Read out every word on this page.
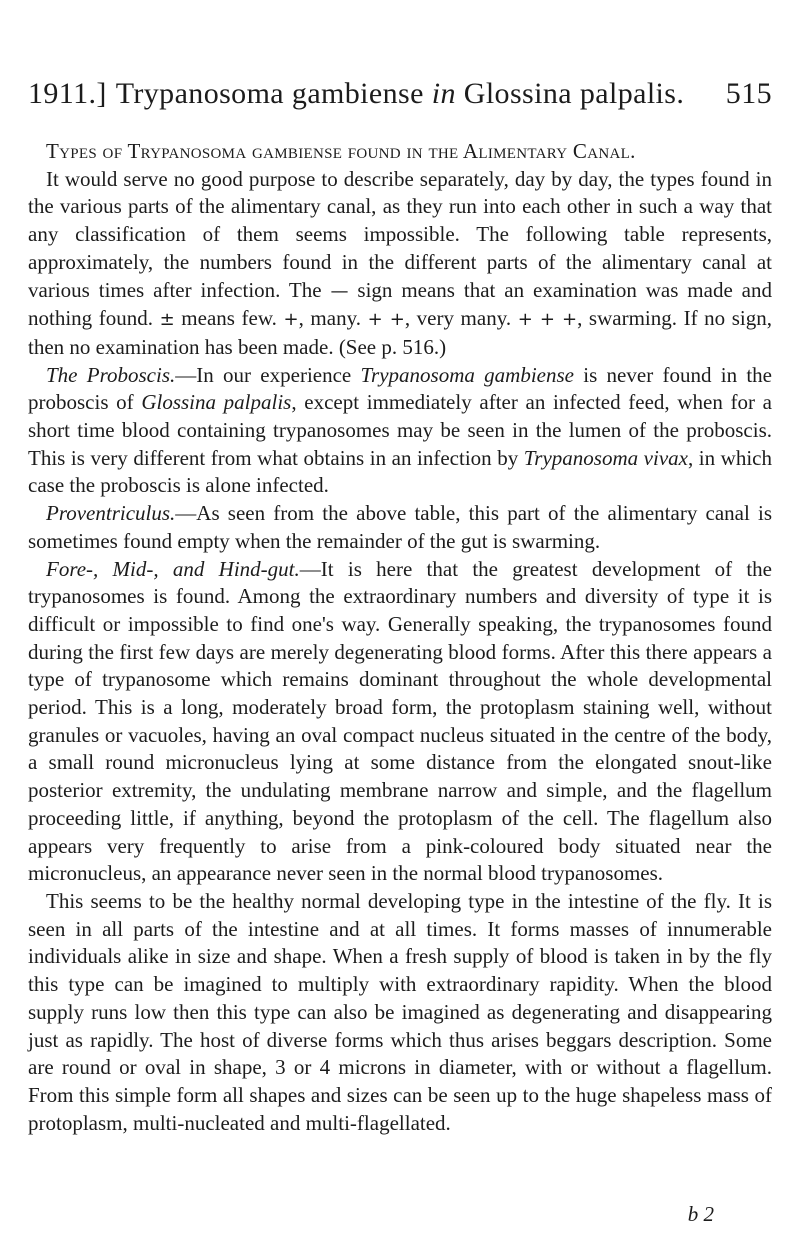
1911.] Trypanosoma gambiense in Glossina palpalis.	515

Types of Trypanosoma gambiense found in the Alimentary Canal.

It would serve no good purpose to describe separately, day by day, the types found in the various parts of the alimentary canal, as they run into each other in such a way that any classification of them seems impossible. The following table represents, approximately, the numbers found in the different parts of the alimentary canal at various times after infection. The — sign means that an examination was made and nothing found. ± means few. +, many. + +, very many. + + +, swarming. If no sign, then no examination has been made. (See p. 516.)

The Proboscis.—In our experience Trypanosoma gambiense is never found in the proboscis of Glossina palpalis, except immediately after an infected feed, when for a short time blood containing trypanosomes may be seen in the lumen of the proboscis. This is very different from what obtains in an infection by Trypanosoma vivax, in which case the proboscis is alone infected.

Proventriculus.—As seen from the above table, this part of the alimentary canal is sometimes found empty when the remainder of the gut is swarming.

Fore-, Mid-, and Hind-gut.—It is here that the greatest development of the trypanosomes is found. Among the extraordinary numbers and diversity of type it is difficult or impossible to find one's way. Generally speaking, the trypanosomes found during the first few days are merely degenerating blood forms. After this there appears a type of trypanosome which remains dominant throughout the whole developmental period. This is a long, moderately broad form, the protoplasm staining well, without granules or vacuoles, having an oval compact nucleus situated in the centre of the body, a small round micronucleus lying at some distance from the elongated snout-like posterior extremity, the undulating membrane narrow and simple, and the flagellum proceeding little, if anything, beyond the protoplasm of the cell. The flagellum also appears very frequently to arise from a pink-coloured body situated near the micronucleus, an appearance never seen in the normal blood trypanosomes.

This seems to be the healthy normal developing type in the intestine of the fly. It is seen in all parts of the intestine and at all times. It forms masses of innumerable individuals alike in size and shape. When a fresh supply of blood is taken in by the fly this type can be imagined to multiply with extraordinary rapidity. When the blood supply runs low then this type can also be imagined as degenerating and disappearing just as rapidly. The host of diverse forms which thus arises beggars description. Some are round or oval in shape, 3 or 4 microns in diameter, with or without a flagellum. From this simple form all shapes and sizes can be seen up to the huge shapeless mass of protoplasm, multi-nucleated and multi-flagellated.

b 2
